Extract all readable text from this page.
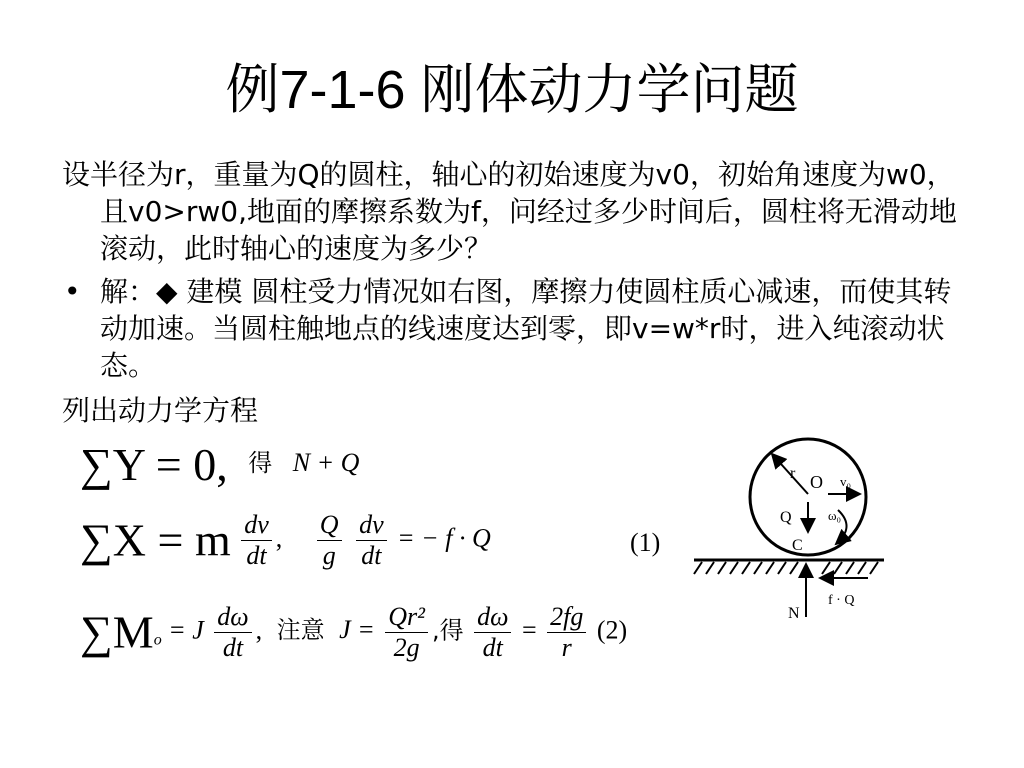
例7-1-6 刚体动力学问题
设半径为r，重量为Q的圆柱，轴心的初始速度为v0，初始角速度为w0，且v0>rw0,地面的摩擦系数为f，问经过多少时间后，圆柱将无滑动地滚动，此时轴心的速度为多少？
• 解：◆ 建模 圆柱受力情况如右图，摩擦力使圆柱质心减速，而使其转动加速。当圆柱触地点的线速度达到零，即v=w*r时，进入纯滚动状态。
列出动力学方程
∑Y = 0, 得 N + Q
∑X = m $\frac{dv}{dt}$ , $\frac{Q}{g}$
$\frac{dv}{dt}$ = − f · Q	(1)
$\sum M_o = J \frac{d\omega}{dt}$ , 注意 $J = \frac{\text{Qr²}}{2g}$ ,得 $\frac{d\omega}{dt} = \frac{2fg}{r} (2)$
r O v₀
Q	ω₀
C
N
f · Q
